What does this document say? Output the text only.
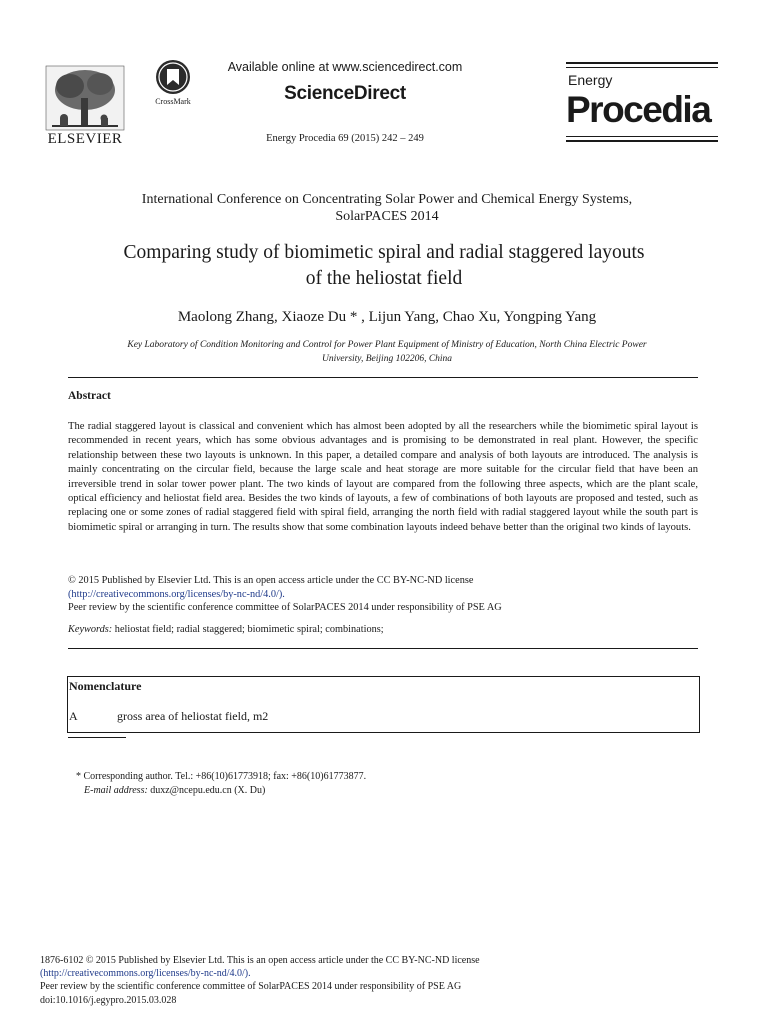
ELSEVIER
CrossMark
Available online at www.sciencedirect.com
ScienceDirect
Energy Procedia 69 (2015) 242 – 249
Energy
Procedia
International Conference on Concentrating Solar Power and Chemical Energy Systems,
SolarPACES 2014
Comparing study of biomimetic spiral and radial staggered layouts
of the heliostat field
Maolong Zhang, Xiaoze Du * , Lijun Yang, Chao Xu, Yongping Yang
Key Laboratory of Condition Monitoring and Control for Power Plant Equipment of Ministry of Education, North China Electric Power
University, Beijing 102206, China
Abstract
The radial staggered layout is classical and convenient which has almost been adopted by all the researchers while the biomimetic spiral layout is recommended in recent years, which has some obvious advantages and is promising to be demonstrated in real plant. However, the specific relationship between these two layouts is unknown. In this paper, a detailed compare and analysis of both layouts are introduced. The analysis is mainly concentrating on the circular field, because the large scale and heat storage are more suitable for the circular field that have been an irreversible trend in solar tower power plant. The two kinds of layout are compared from the following three aspects, which are the plant scale, optical efficiency and heliostat field area. Besides the two kinds of layouts, a few of combinations of both layouts are proposed and tested, such as replacing one or some zones of radial staggered field with spiral field, arranging the north field with radial staggered layout while the south part is biomimetic spiral or arranging in turn. The results show that some combination layouts indeed behave better than the original two kinds of layouts.
© 2015 Published by Elsevier Ltd. This is an open access article under the CC BY-NC-ND license
(http://creativecommons.org/licenses/by-nc-nd/4.0/).
Peer review by the scientific conference committee of SolarPACES 2014 under responsibility of PSE AG
Keywords: heliostat field; radial staggered; biomimetic spiral; combinations;
Nomenclature
A	gross area of heliostat field, m2
* Corresponding author. Tel.: +86(10)61773918; fax: +86(10)61773877.
E-mail address: duxz@ncepu.edu.cn (X. Du)
1876-6102 © 2015 Published by Elsevier Ltd. This is an open access article under the CC BY-NC-ND license
(http://creativecommons.org/licenses/by-nc-nd/4.0/).
Peer review by the scientific conference committee of SolarPACES 2014 under responsibility of PSE AG
doi:10.1016/j.egypro.2015.03.028
